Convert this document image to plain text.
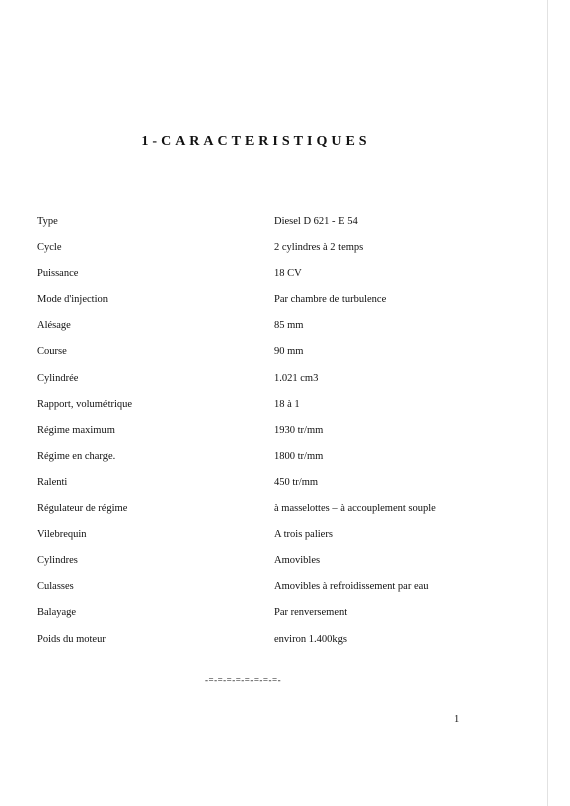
1-CARACTERISTIQUES
Type	Diesel D 621 - E 54
Cycle	2 cylindres à 2 temps
Puissance	18 CV
Mode d'injection	Par chambre de turbulence
Alésage	85 mm
Course	90 mm
Cylindrée	1.021 cm3
Rapport, volumétrique	18 à 1
Régime maximum	1930 tr/mm
Régime en charge.	1800 tr/mm
Ralenti	450 tr/mm
Régulateur de régime	à masselottes – à accouplement souple
Vilebrequin	A trois paliers
Cylindres	Amovibles
Culasses	Amovibles à refroidissement par eau
Balayage	Par renversement
Poids du moteur	environ 1.400kgs
-=-=-=-=-=-=-=-=-
1
